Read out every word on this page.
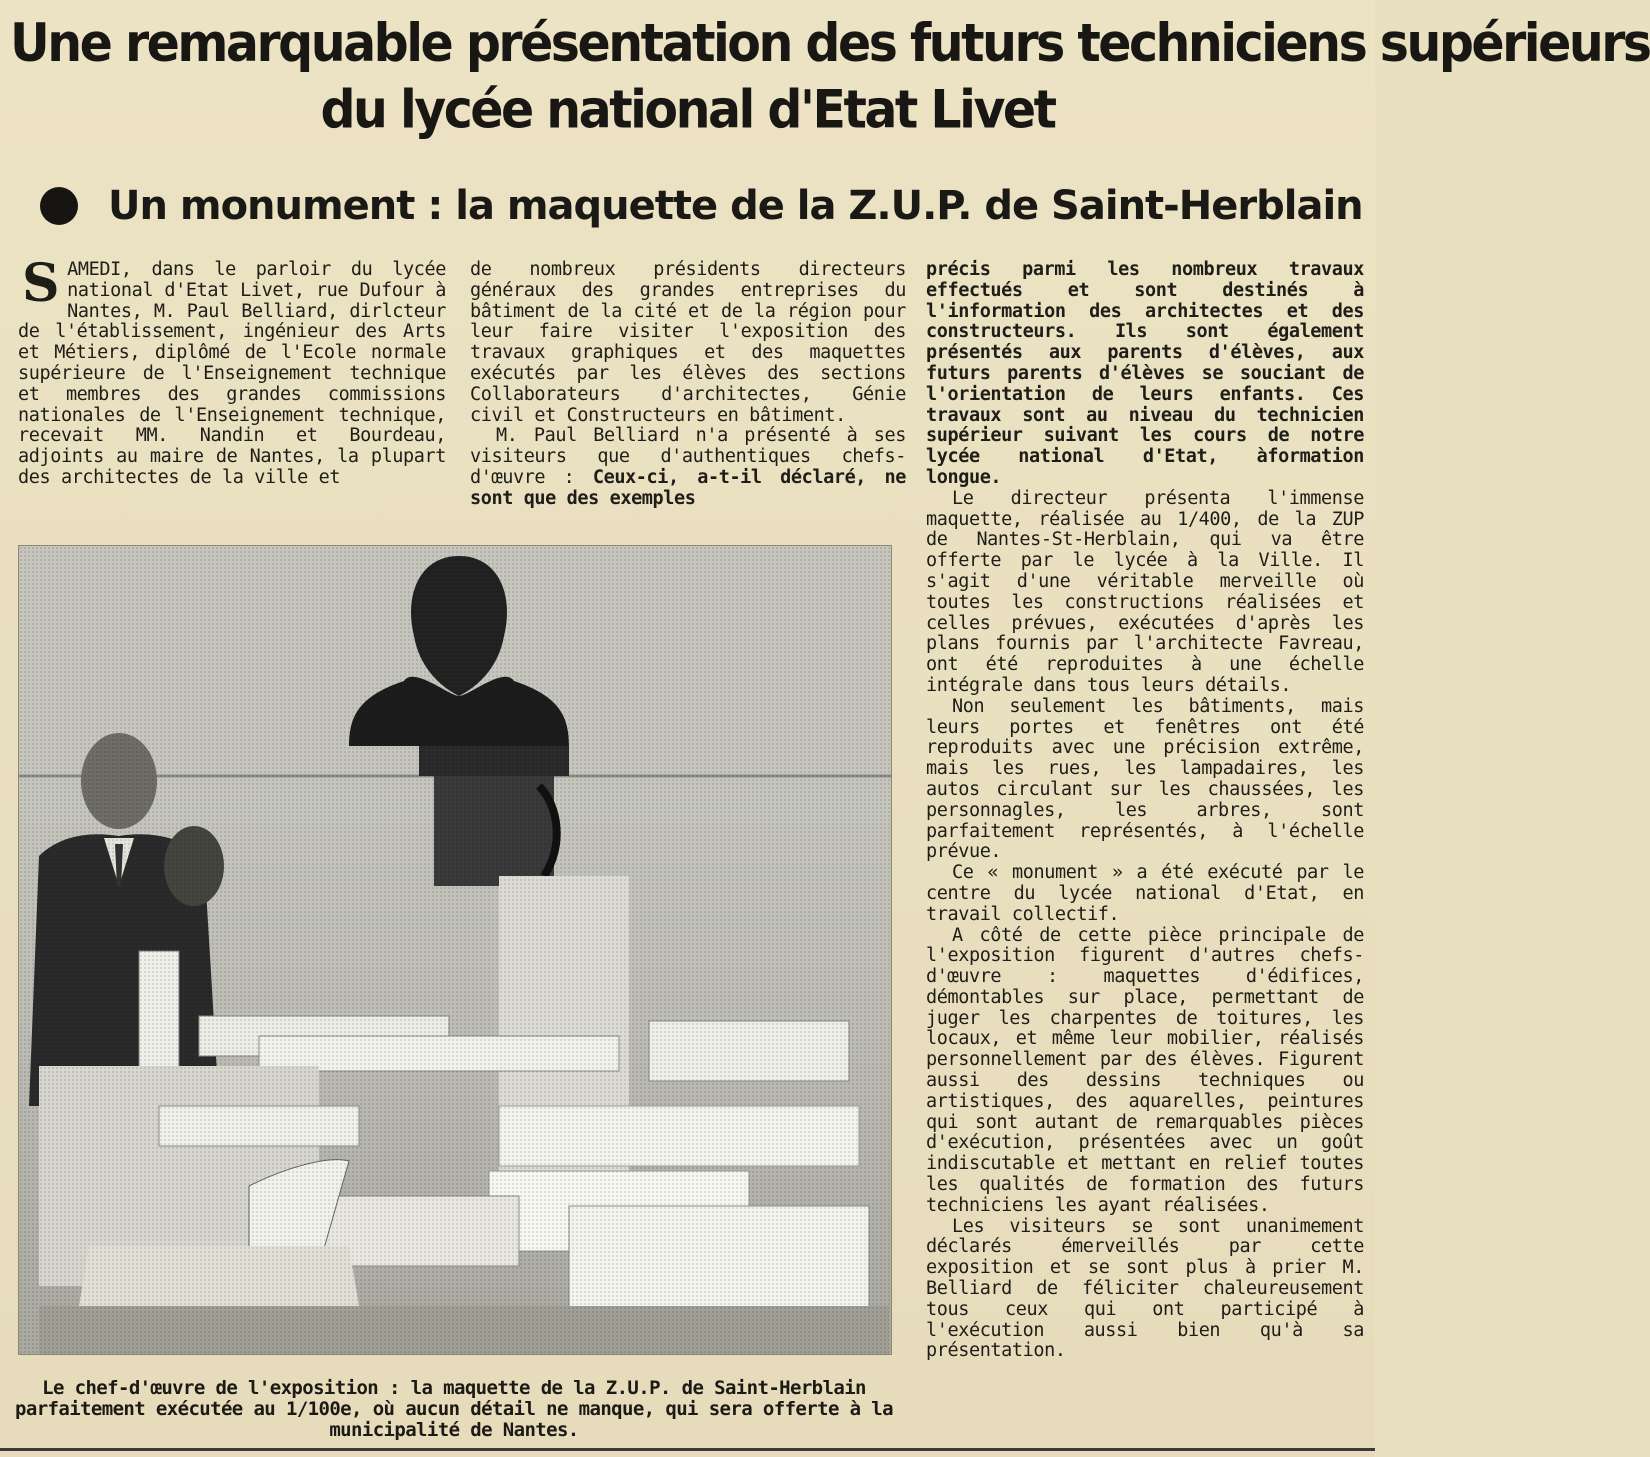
Une remarquable présentation des futurs techniciens supérieurs
du lycée national d'Etat Livet
Un monument : la maquette de la Z.U.P. de Saint-Herblain

SAMEDI, dans le parloir du lycée national d'Etat Livet, rue Dufour à Nantes, M. Paul Belliard, dirlcteur de l'établissement, ingénieur des Arts et Métiers, diplômé de l'Ecole normale supérieure de l'Enseignement technique et membres des grandes commissions nationales de l'Enseignement technique, recevait MM. Nandin et Bourdeau, adjoints au maire de Nantes, la plupart des architectes de la ville et

de nombreux présidents directeurs généraux des grandes entreprises du bâtiment de la cité et de la région pour leur faire visiter l'exposition des travaux graphiques et des maquettes exécutés par les élèves des sections Collaborateurs d'architectes, Génie civil et Constructeurs en bâtiment.

M. Paul Belliard n'a présenté à ses visiteurs que d'authentiques chefs-d'œuvre : Ceux-ci, a-t-il déclaré, ne sont que des exemples

précis parmi les nombreux travaux effectués et sont destinés à l'information des architectes et des constructeurs. Ils sont également présentés aux parents d'élèves, aux futurs parents d'élèves se souciant de l'orientation de leurs enfants. Ces travaux sont au niveau du technicien supérieur suivant les cours de notre lycée national d'Etat, àformation longue.

Le directeur présenta l'immense maquette, réalisée au 1/400, de la ZUP de Nantes-St-Herblain, qui va être offerte par le lycée à la Ville. Il s'agit d'une véritable merveille où toutes les constructions réalisées et celles prévues, exécutées d'après les plans fournis par l'architecte Favreau, ont été reproduites à une échelle intégrale dans tous leurs détails.

Non seulement les bâtiments, mais leurs portes et fenêtres ont été reproduits avec une précision extrême, mais les rues, les lampadaires, les autos circulant sur les chaussées, les personnagles, les arbres, sont parfaitement représentés, à l'échelle prévue.

Ce « monument » a été exécuté par le centre du lycée national d'Etat, en travail collectif.

A côté de cette pièce principale de l'exposition figurent d'autres chefs-d'œuvre : maquettes d'édifices, démontables sur place, permettant de juger les charpentes de toitures, les locaux, et même leur mobilier, réalisés personnellement par des élèves. Figurent aussi des dessins techniques ou artistiques, des aquarelles, peintures qui sont autant de remarquables pièces d'exécution, présentées avec un goût indiscutable et mettant en relief toutes les qualités de formation des futurs techniciens les ayant réalisées.

Les visiteurs se sont unanimement déclarés émerveillés par cette exposition et se sont plus à prier M. Belliard de féliciter chaleureusement tous ceux qui ont participé à l'exécution aussi bien qu'à sa présentation.

Le chef-d'œuvre de l'exposition : la maquette de la Z.U.P. de Saint-Herblain parfaitement exécutée au 1/100e, où aucun détail ne manque, qui sera offerte à la municipalité de Nantes.
